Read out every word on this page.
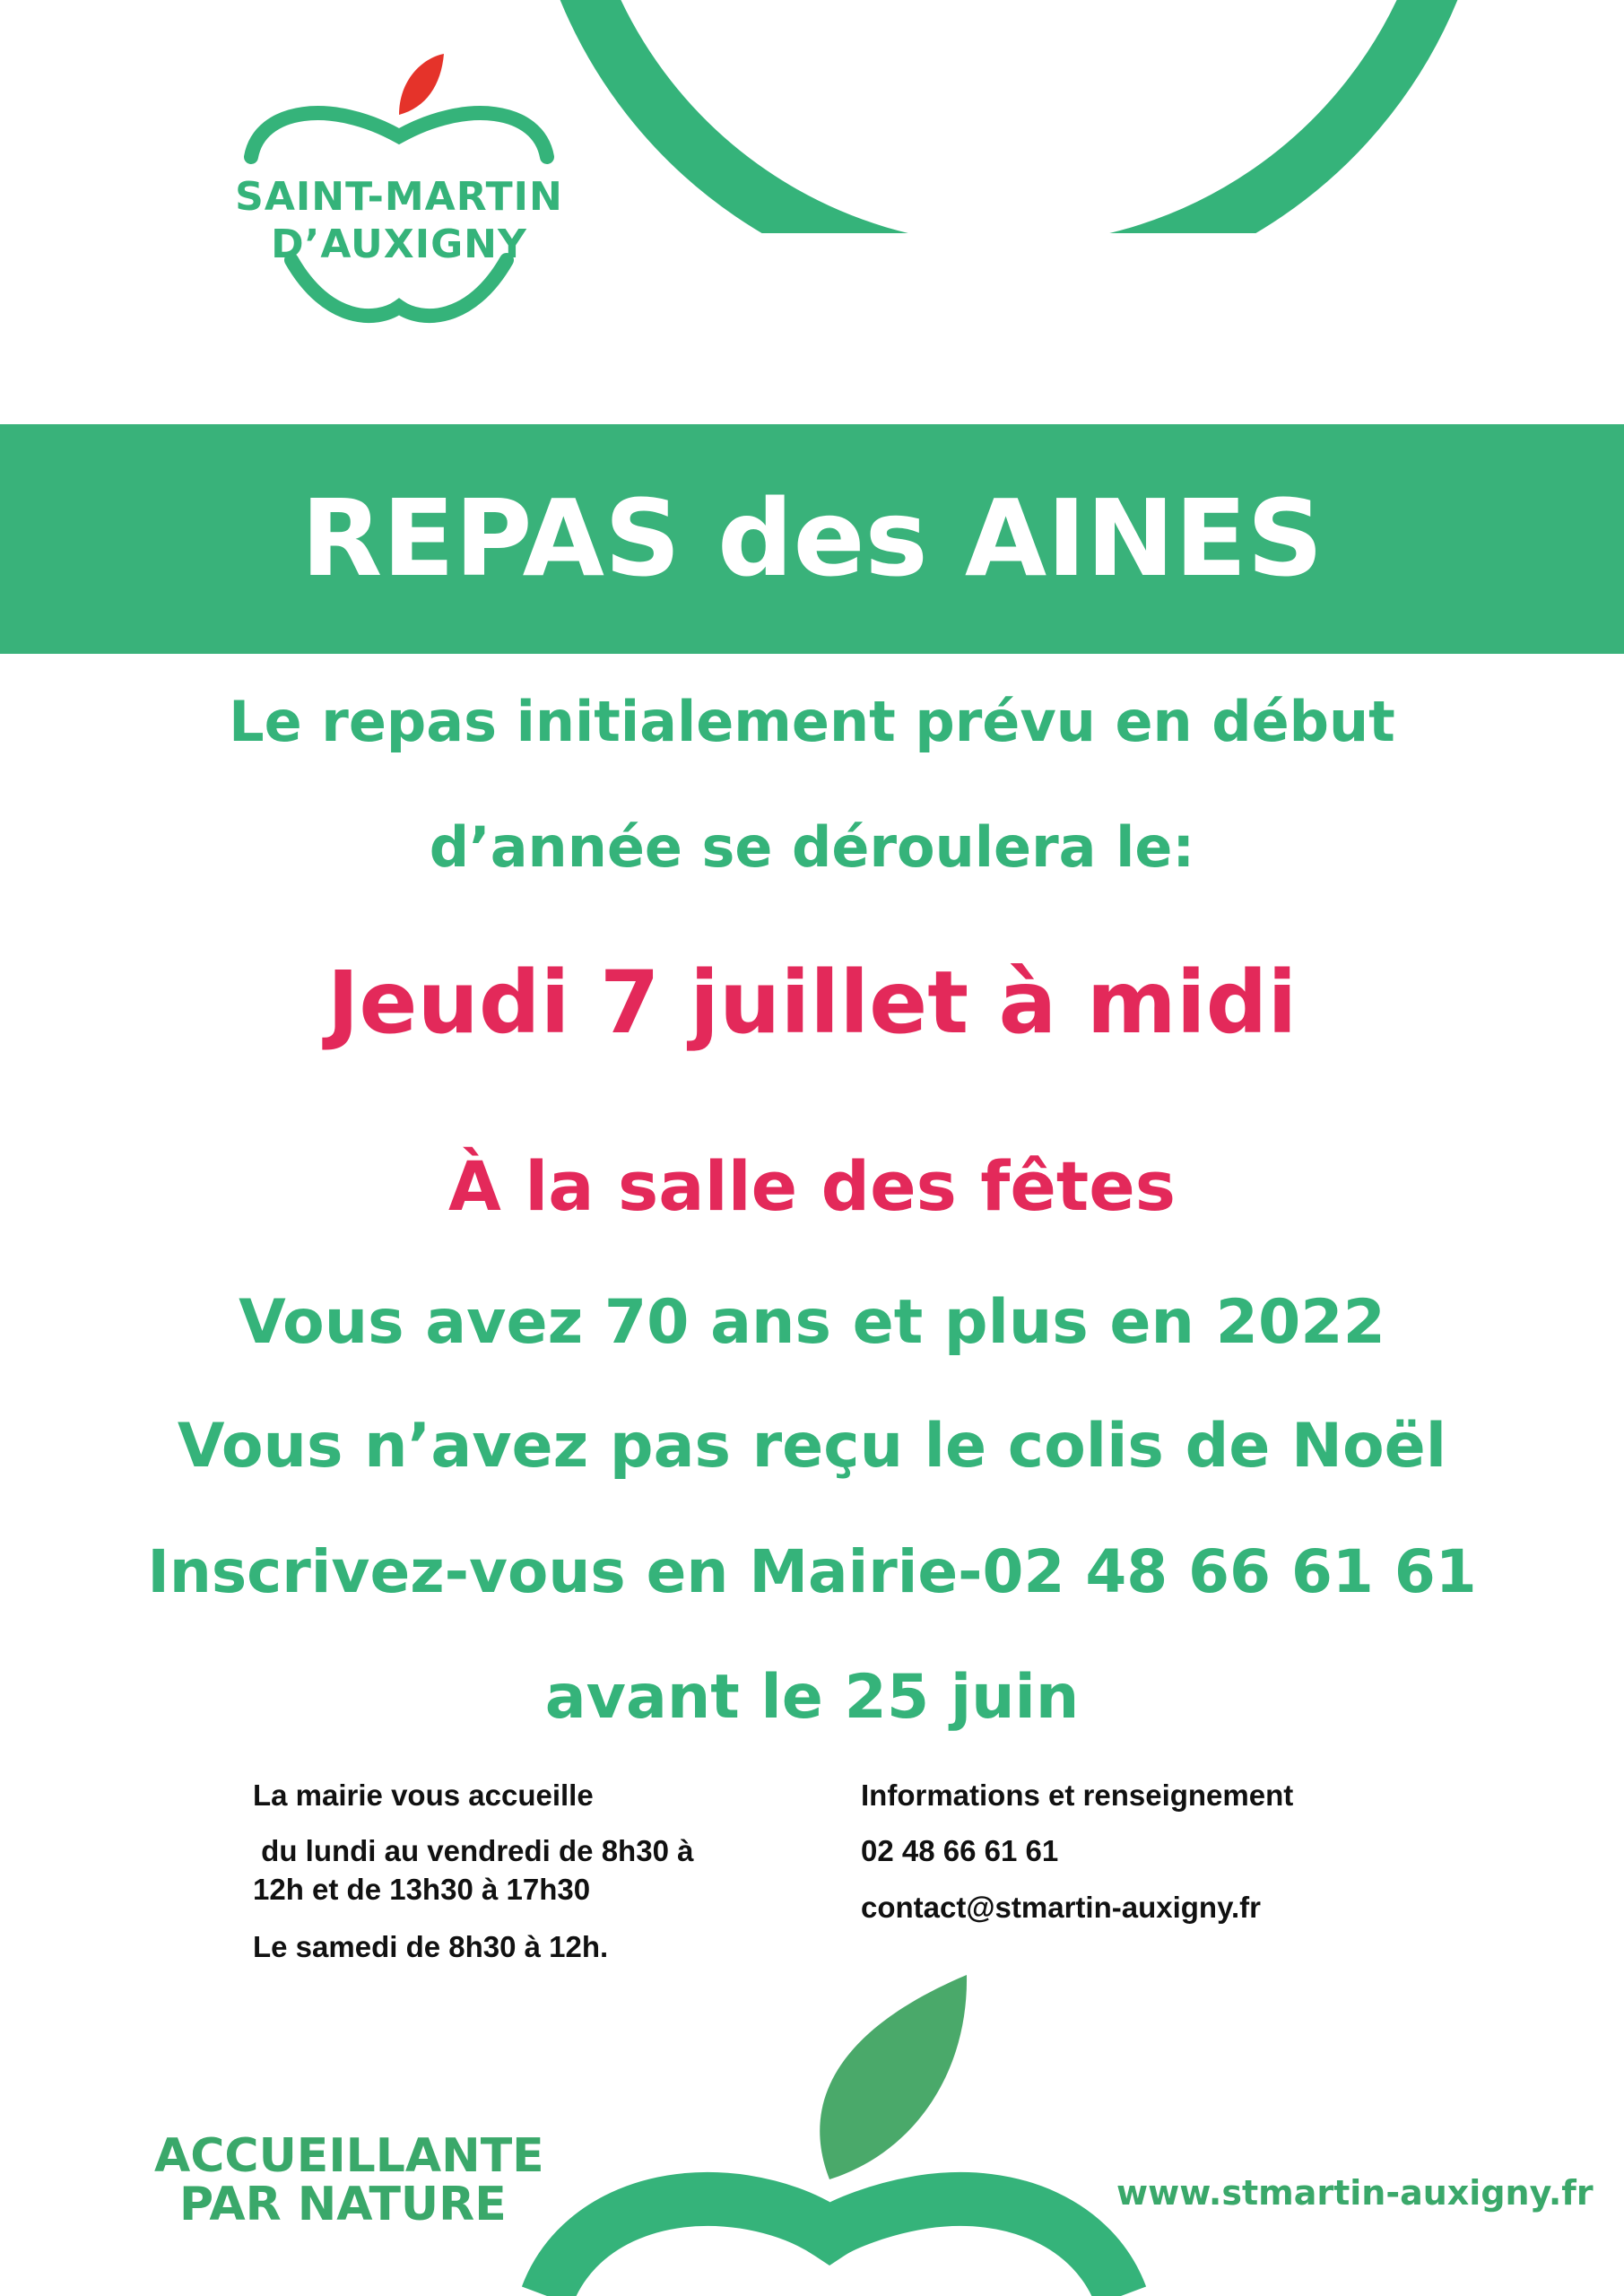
SAINT-MARTIN
D’AUXIGNY
REPAS des AINES
Le repas initialement prévu en début
d’année se déroulera le:
Jeudi 7 juillet à midi
À la salle des fêtes
Vous avez 70 ans et plus en 2022
Vous n’avez pas reçu le colis de Noël
Inscrivez-vous en Mairie-02 48 66 61 61
avant le 25 juin
La mairie vous accueille
du lundi au vendredi de 8h30 à
12h et de 13h30 à 17h30
Le samedi de 8h30 à 12h.
Informations et renseignement
02 48 66 61 61
contact@stmartin-auxigny.fr
ACCUEILLANTE
PAR NATURE	www.stmartin-auxigny.fr
